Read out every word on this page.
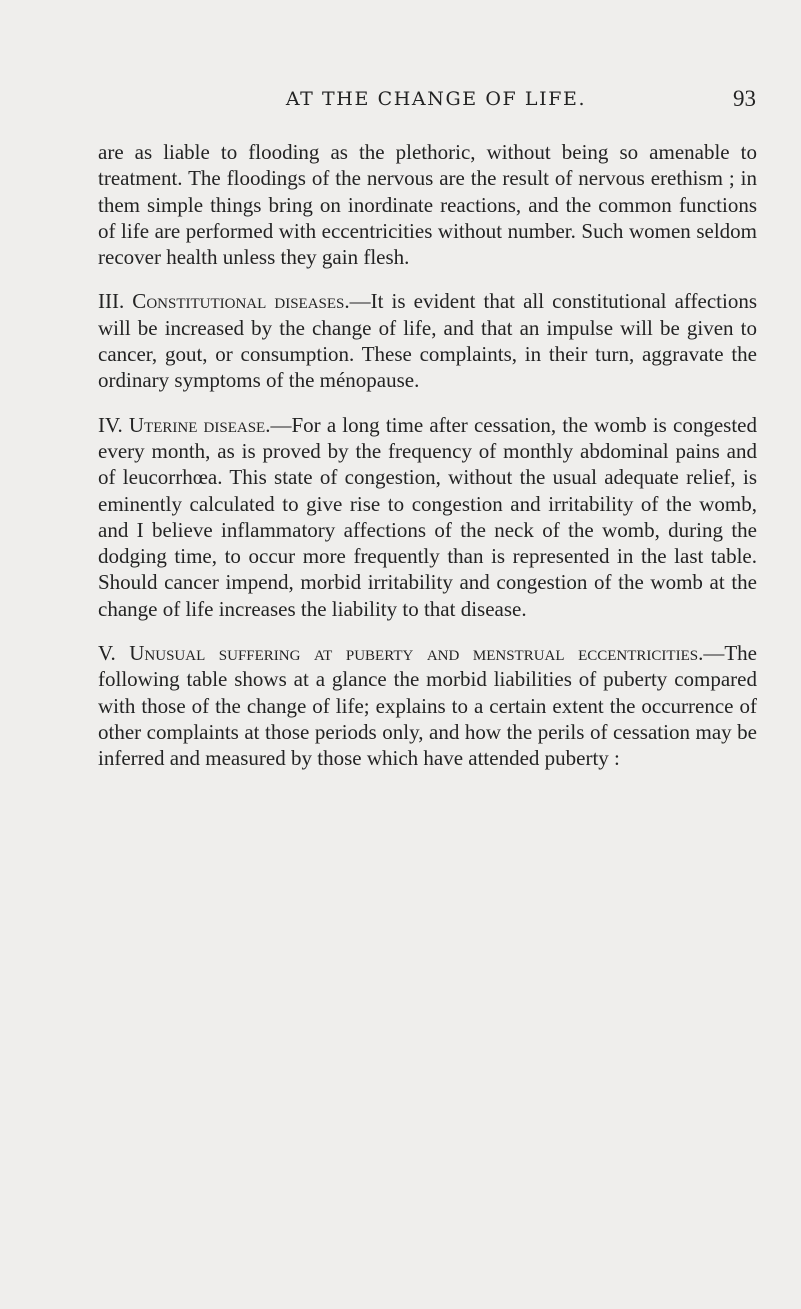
AT THE CHANGE OF LIFE.	93

are as liable to flooding as the plethoric, without being so amenable to treatment. The floodings of the nervous are the result of nervous erethism ; in them simple things bring on inordinate reactions, and the common functions of life are performed with eccentricities without number. Such women seldom recover health unless they gain flesh.

III. Constitutional diseases.—It is evident that all constitutional affections will be increased by the change of life, and that an impulse will be given to cancer, gout, or consumption. These complaints, in their turn, aggravate the ordinary symptoms of the ménopause.

IV. Uterine disease.—For a long time after cessation, the womb is congested every month, as is proved by the frequency of monthly abdominal pains and of leucorrhœa. This state of congestion, without the usual adequate relief, is eminently calculated to give rise to congestion and irritability of the womb, and I believe inflammatory affections of the neck of the womb, during the dodging time, to occur more frequently than is represented in the last table. Should cancer impend, morbid irritability and congestion of the womb at the change of life increases the liability to that disease.

V. Unusual suffering at puberty and menstrual eccentricities.—The following table shows at a glance the morbid liabilities of puberty compared with those of the change of life; explains to a certain extent the occurrence of other complaints at those periods only, and how the perils of cessation may be inferred and measured by those which have attended puberty :
